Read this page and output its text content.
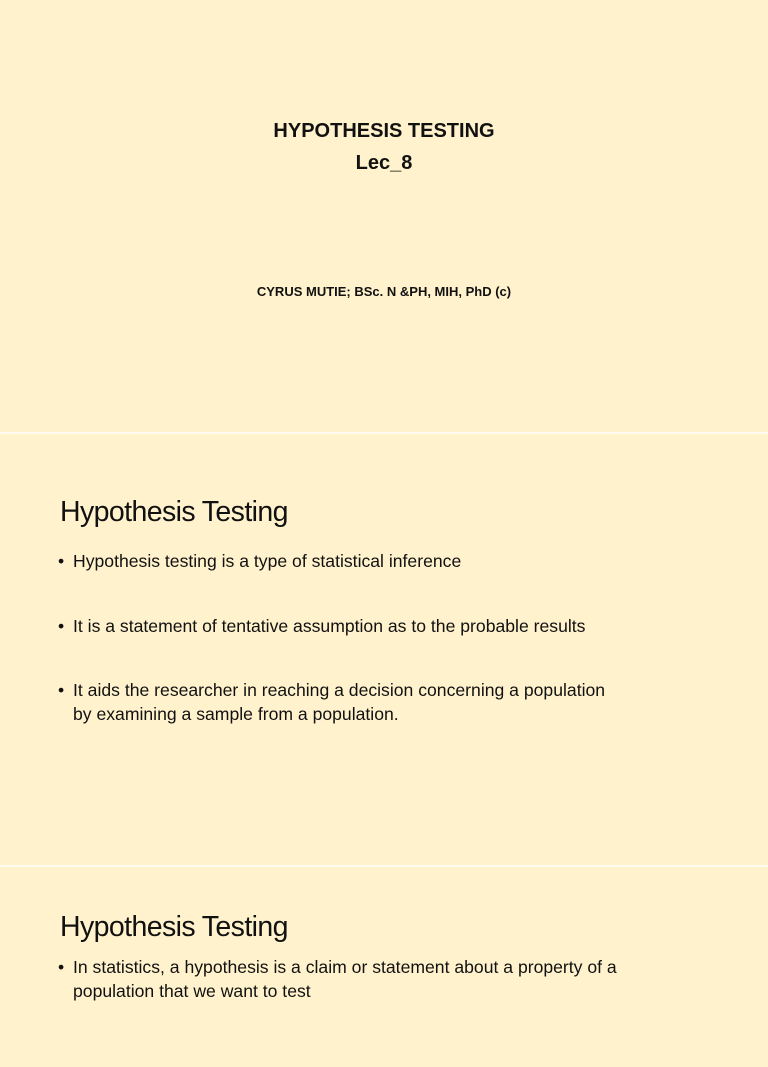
HYPOTHESIS TESTING
Lec_8
CYRUS MUTIE; BSc. N &PH, MIH, PhD (c)
Hypothesis Testing
• Hypothesis testing is a type of statistical inference
• It is a statement of tentative assumption as to the probable results
• It aids the researcher in reaching a decision concerning a population
by examining a sample from a population.
Hypothesis Testing
• In statistics, a hypothesis is a claim or statement about a property of a
population that we want to test
